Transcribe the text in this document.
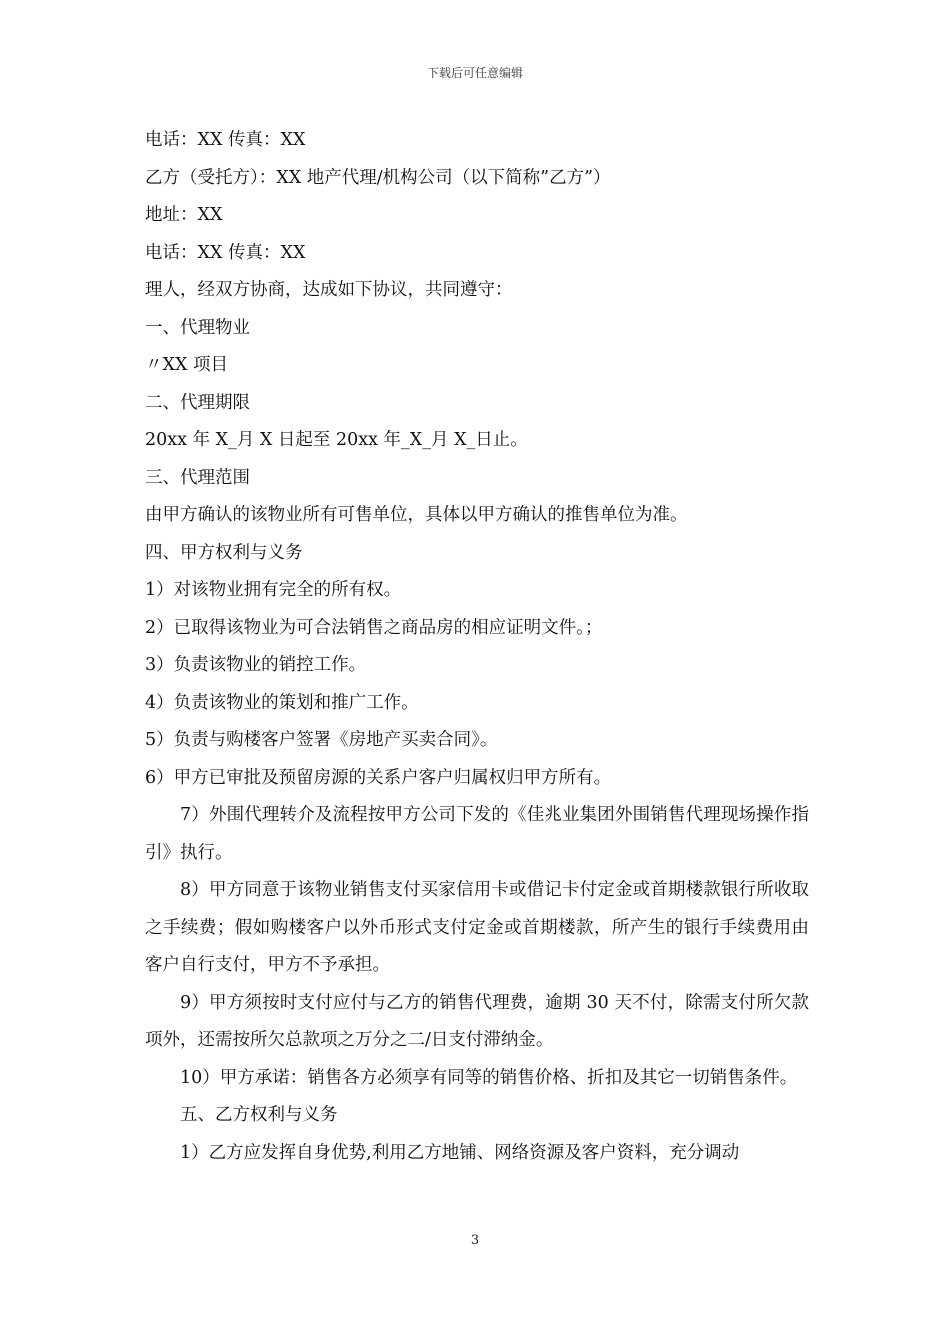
下载后可任意编辑

电话：XX 传真：XX

乙方（受托方）：XX 地产代理/机构公司（以下简称”乙方”）

地址：XX

电话：XX 传真：XX

理人，经双方协商，达成如下协议，共同遵守：

一、代理物业

〃XX 项目

二、代理期限

20xx 年 X_月 X 日起至 20xx 年_X_月 X_日止。

三、代理范围

由甲方确认的该物业所有可售单位，具体以甲方确认的推售单位为准。

四、甲方权利与义务

1）对该物业拥有完全的所有权。

2）已取得该物业为可合法销售之商品房的相应证明文件。；

3）负责该物业的销控工作。

4）负责该物业的策划和推广工作。

5）负责与购楼客户签署《房地产买卖合同》。

6）甲方已审批及预留房源的关系户客户归属权归甲方所有。

7）外围代理转介及流程按甲方公司下发的《佳兆业集团外围销售代理现场操作指引》执行。

8）甲方同意于该物业销售支付买家信用卡或借记卡付定金或首期楼款银行所收取之手续费；假如购楼客户以外币形式支付定金或首期楼款，所产生的银行手续费用由客户自行支付，甲方不予承担。

9）甲方须按时支付应付与乙方的销售代理费，逾期 30 天不付，除需支付所欠款项外，还需按所欠总款项之万分之二/日支付滞纳金。

10）甲方承诺：销售各方必须享有同等的销售价格、折扣及其它一切销售条件。

五、乙方权利与义务

1）乙方应发挥自身优势,利用乙方地铺、网络资源及客户资料，充分调动

3
